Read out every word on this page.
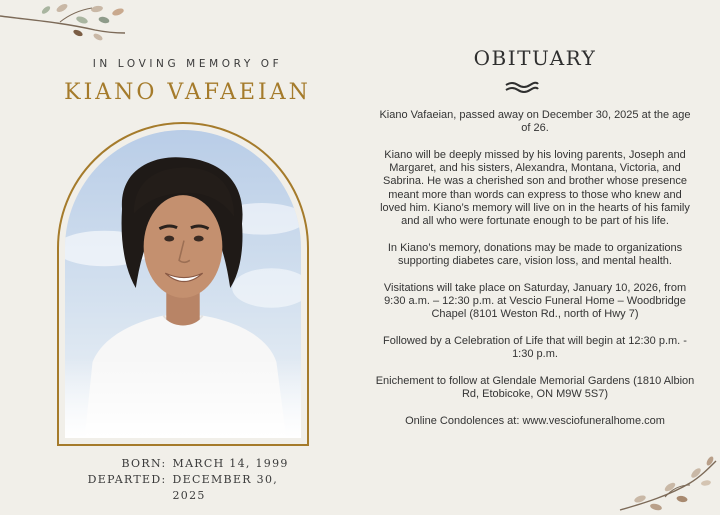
IN LOVING MEMORY OF
KIANO VAFAEIAN
BORN: MARCH 14, 1999
DEPARTED: DECEMBER 30, 2025
OBITUARY

Kiano Vafaeian, passed away on December 30, 2025 at the age of 26.

Kiano will be deeply missed by his loving parents, Joseph and Margaret, and his sisters, Alexandra, Montana, Victoria, and Sabrina. He was a cherished son and brother whose presence meant more than words can express to those who knew and loved him. Kiano’s memory will live on in the hearts of his family and all who were fortunate enough to be part of his life.

In Kiano’s memory, donations may be made to organizations supporting diabetes care, vision loss, and mental health.

Visitations will take place on Saturday, January 10, 2026, from 9:30 a.m. – 12:30 p.m. at Vescio Funeral Home – Woodbridge Chapel (8101 Weston Rd., north of Hwy 7)

Followed by a Celebration of Life that will begin at 12:30 p.m. - 1:30 p.m.

Enichement to follow at Glendale Memorial Gardens (1810 Albion Rd, Etobicoke, ON M9W 5S7)

Online Condolences at: www.vesciofuneralhome.com
